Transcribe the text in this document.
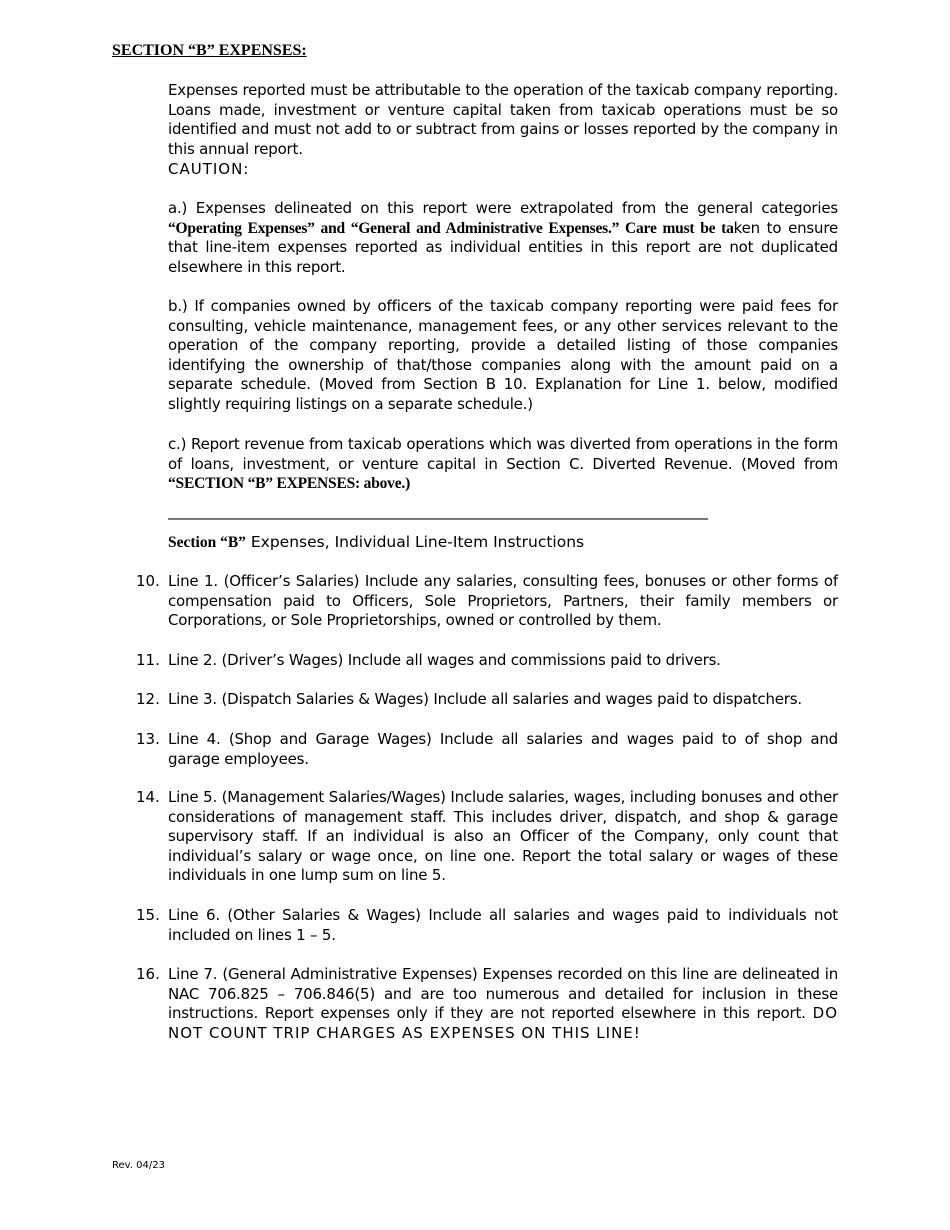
SECTION “B” EXPENSES:
Expenses reported must be attributable to the operation of the taxicab company reporting. Loans made, investment or venture capital taken from taxicab operations must be so identified and must not add to or subtract from gains or losses reported by the company in this annual report.
CAUTION:
a.) Expenses delineated on this report were extrapolated from the general categories “Operating Expenses” and “General and Administrative Expenses.” Care must be taken to ensure that line-item expenses reported as individual entities in this report are not duplicated elsewhere in this report.
b.) If companies owned by officers of the taxicab company reporting were paid fees for consulting, vehicle maintenance, management fees, or any other services relevant to the operation of the company reporting, provide a detailed listing of those companies identifying the ownership of that/those companies along with the amount paid on a separate schedule. (Moved from Section B 10. Explanation for Line 1. below, modified slightly requiring listings on a separate schedule.)
c.) Report revenue from taxicab operations which was diverted from operations in the form of loans, investment, or venture capital in Section C. Diverted Revenue. (Moved from “SECTION “B” EXPENSES: above.)
________________________________________________________________________
Section “B” Expenses, Individual Line-Item Instructions
10. Line 1. (Officer’s Salaries) Include any salaries, consulting fees, bonuses or other forms of compensation paid to Officers, Sole Proprietors, Partners, their family members or Corporations, or Sole Proprietorships, owned or controlled by them.
11. Line 2. (Driver’s Wages) Include all wages and commissions paid to drivers.
12. Line 3. (Dispatch Salaries & Wages) Include all salaries and wages paid to dispatchers.
13. Line 4. (Shop and Garage Wages) Include all salaries and wages paid to of shop and garage employees.
14. Line 5. (Management Salaries/Wages) Include salaries, wages, including bonuses and other considerations of management staff. This includes driver, dispatch, and shop & garage supervisory staff. If an individual is also an Officer of the Company, only count that individual’s salary or wage once, on line one. Report the total salary or wages of these individuals in one lump sum on line 5.
15. Line 6. (Other Salaries & Wages) Include all salaries and wages paid to individuals not included on lines 1 – 5.
16. Line 7. (General Administrative Expenses) Expenses recorded on this line are delineated in NAC 706.825 – 706.846(5) and are too numerous and detailed for inclusion in these instructions. Report expenses only if they are not reported elsewhere in this report. DO NOT COUNT TRIP CHARGES AS EXPENSES ON THIS LINE!
Rev. 04/23
